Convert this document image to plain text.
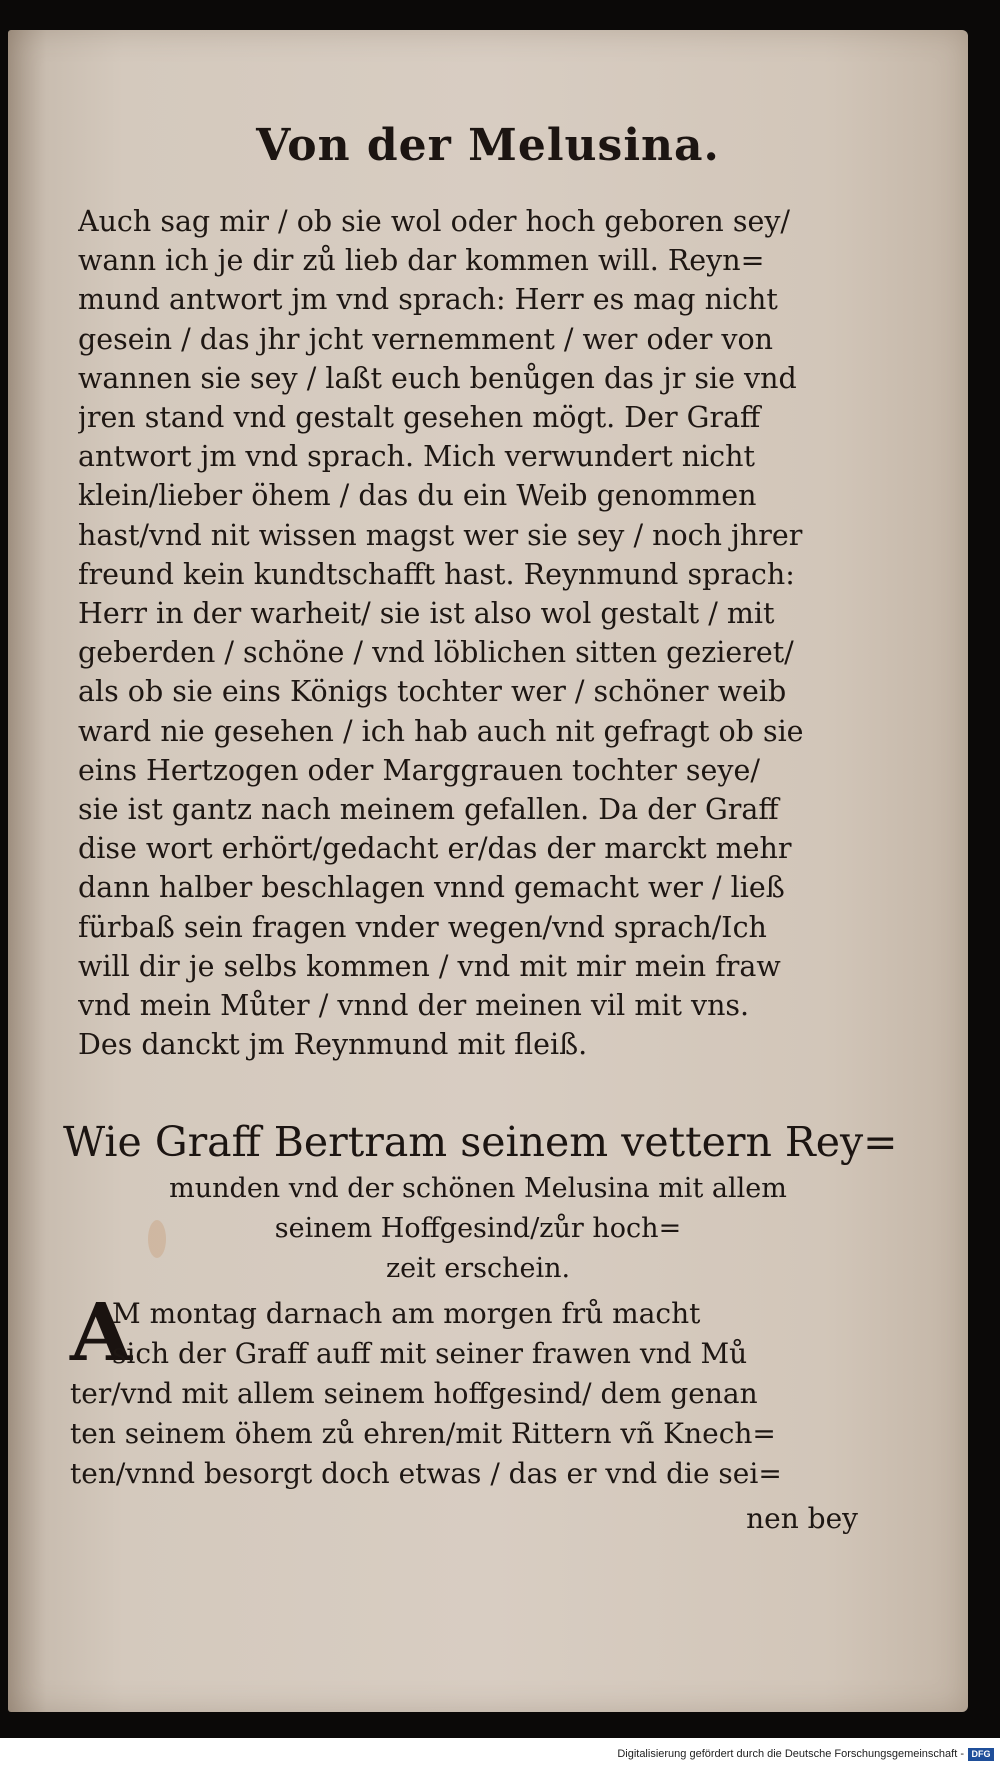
Von der Melusina.
Auch sag mir / ob sie wol oder hoch geboren sey/
wann ich je dir zů lieb dar kommen will. Reyn=
mund antwort jm vnd sprach: Herr es mag nicht
gesein / das jhr jcht vernemment / wer oder von
wannen sie sey / laßt euch benůgen das jr sie vnd
jren stand vnd gestalt gesehen mögt. Der Graff
antwort jm vnd sprach. Mich verwundert nicht
klein/lieber öhem / das du ein Weib genommen
hast/vnd nit wissen magst wer sie sey / noch jhrer
freund kein kundtschafft hast. Reynmund sprach:
Herr in der warheit/ sie ist also wol gestalt / mit
geberden / schöne / vnd löblichen sitten gezieret/
als ob sie eins Königs tochter wer / schöner weib
ward nie gesehen / ich hab auch nit gefragt ob sie
eins Hertzogen oder Marggrauen tochter seye/
sie ist gantz nach meinem gefallen. Da der Graff
dise wort erhört/gedacht er/das der marckt mehr
dann halber beschlagen vnnd gemacht wer / ließ
fürbaß sein fragen vnder wegen/vnd sprach/Ich
will dir je selbs kommen / vnd mit mir mein fraw
vnd mein Můter / vnnd der meinen vil mit vns.
Des danckt jm Reynmund mit fleiß.
Wie Graff Bertram seinem vettern Rey=
munden vnd der schönen Melusina mit allem
seinem Hoffgesind/zůr hoch=
zeit erschein.
A
M montag darnach am morgen frů macht
sich der Graff auff mit seiner frawen vnd Mů
ter/vnd mit allem seinem hoffgesind/ dem genan
ten seinem öhem zů ehren/mit Rittern vñ Knech=
ten/vnnd besorgt doch etwas / das er vnd die sei=
nen bey
Digitalisierung gefördert durch die Deutsche Forschungsgemeinschaft - DFG
